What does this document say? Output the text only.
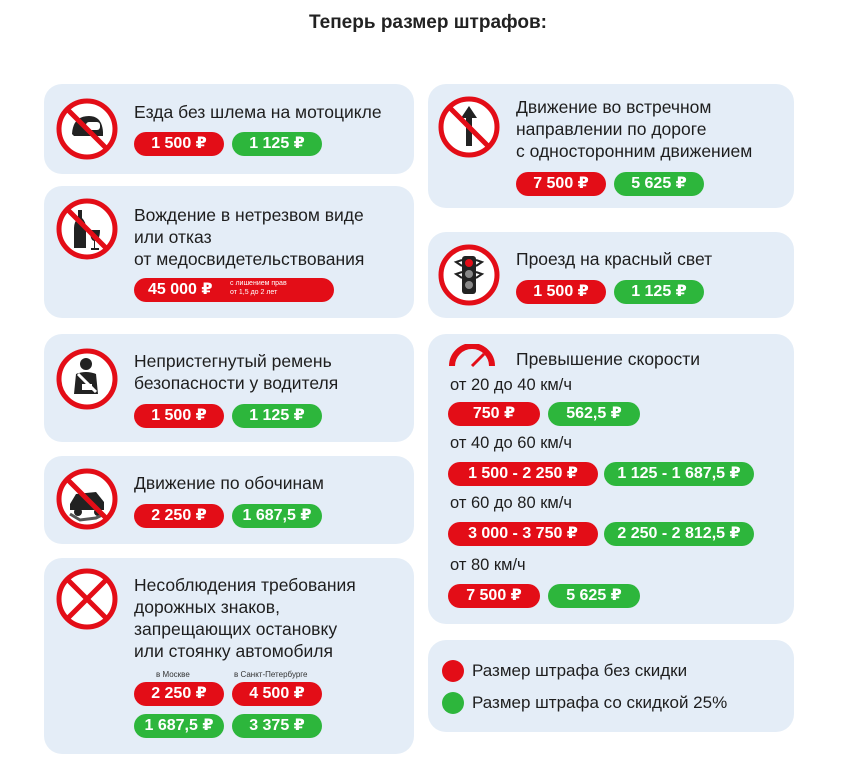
Теперь размер штрафов:
Езда без шлема на мотоцикле
1 500 ₽	1 125 ₽
Вождение в нетрезвом виде
или отказ
от медосвидетельствования
45 000 ₽	с лишением прав
от 1,5 до 2 лет
Непристегнутый ремень
безопасности у водителя
1 500 ₽	1 125 ₽
Движение по обочинам
2 250 ₽	1 687,5 ₽
Несоблюдения требования
дорожных знаков,
запрещающих остановку
или стоянку автомобиля
в Москве	в Санкт-Петербурге
2 250 ₽	4 500 ₽
1 687,5 ₽	3 375 ₽
Движение во встречном
направлении по дороге
с односторонним движением
7 500 ₽	5 625 ₽
Проезд на красный свет
1 500 ₽	1 125 ₽
Превышение скорости
от 20 до 40 км/ч
750 ₽	562,5 ₽
от 40 до 60 км/ч
1 500 - 2 250 ₽	1 125 - 1 687,5 ₽
от 60 до 80 км/ч
3 000 - 3 750 ₽	2 250 - 2 812,5 ₽
от 80 км/ч
7 500 ₽	5 625 ₽
Размер штрафа без скидки
Размер штрафа со скидкой 25%
